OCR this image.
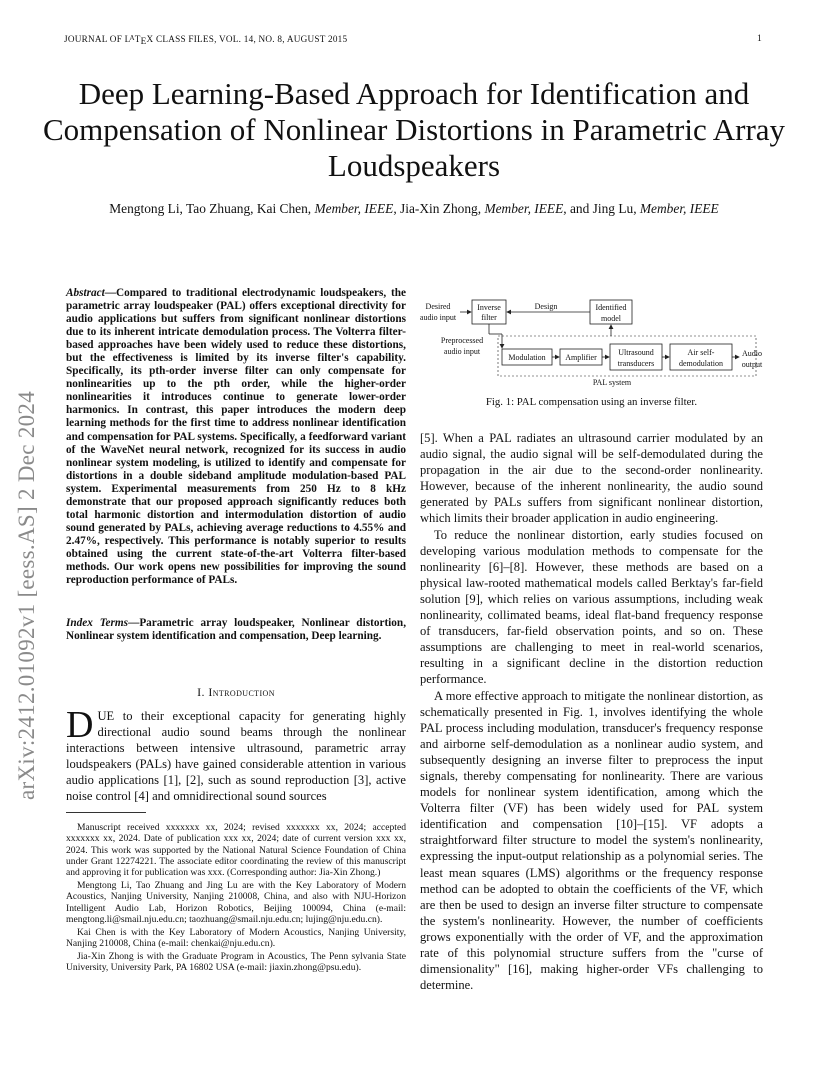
JOURNAL OF $L^ATEX$ CLASS FILES, VOL. 14, NO. 8, AUGUST 2015	1
Deep Learning-Based Approach for Identification and Compensation of Nonlinear Distortions in Parametric Array Loudspeakers
Mengtong Li, Tao Zhuang, Kai Chen, Member, IEEE, Jia-Xin Zhong, Member, IEEE, and Jing Lu, Member, IEEE
arXiv:2412.01092v1 [eess.AS] 2 Dec 2024
Abstract—Compared to traditional electrodynamic loudspeakers, the parametric array loudspeaker (PAL) offers exceptional directivity for audio applications but suffers from significant nonlinear distortions due to its inherent intricate demodulation process. The Volterra filter-based approaches have been widely used to reduce these distortions, but the effectiveness is limited by its inverse filter's capability. Specifically, its pth-order inverse filter can only compensate for nonlinearities up to the pth order, while the higher-order nonlinearities it introduces continue to generate lower-order harmonics. In contrast, this paper introduces the modern deep learning methods for the first time to address nonlinear identification and compensation for PAL systems. Specifically, a feedforward variant of the WaveNet neural network, recognized for its success in audio nonlinear system modeling, is utilized to identify and compensate for distortions in a double sideband amplitude modulation-based PAL system. Experimental measurements from 250 Hz to 8 kHz demonstrate that our proposed approach significantly reduces both total harmonic distortion and intermodulation distortion of audio sound generated by PALs, achieving average reductions to 4.55% and 2.47%, respectively. This performance is notably superior to results obtained using the current state-of-the-art Volterra filter-based methods. Our work opens new possibilities for improving the sound reproduction performance of PALs.
Index Terms—Parametric array loudspeaker, Nonlinear distortion, Nonlinear system identification and compensation, Deep learning.
I. Introduction
DUE to their exceptional capacity for generating highly directional audio sound beams through the nonlinear interactions between intensive ultrasound, parametric array loudspeakers (PALs) have gained considerable attention in various audio applications [1], [2], such as sound reproduction [3], active noise control [4] and omnidirectional sound sources

Manuscript received xxxxxxx xx, 2024; revised xxxxxxx xx, 2024; accepted xxxxxxx xx, 2024. Date of publication xxx xx, 2024; date of current version xxx xx, 2024. This work was supported by the National Natural Science Foundation of China under Grant 12274221. The associate editor coordinating the review of this manuscript and approving it for publication was xxx. (Corresponding author: Jia-Xin Zhong.)

Mengtong Li, Tao Zhuang and Jing Lu are with the Key Laboratory of Modern Acoustics, Nanjing University, Nanjing 210008, China, and also with NJU-Horizon Intelligent Audio Lab, Horizon Robotics, Beijing 100094, China (e-mail: mengtong.li@smail.nju.edu.cn; taozhuang@smail.nju.edu.cn; lujing@nju.edu.cn).

Kai Chen is with the Key Laboratory of Modern Acoustics, Nanjing University, Nanjing 210008, China (e-mail: chenkai@nju.edu.cn).

Jia-Xin Zhong is with the Graduate Program in Acoustics, The Penn sylvania State University, University Park, PA 16802 USA (e-mail: jiaxin.zhong@psu.edu).

Desired
audio input
Inverse
filter
Design	Identified
model
Preprocessed
audio input
Modulation Amplifier
Ultrasound
transducers
Air self-
demodulation
Audio
output
PAL system
Fig. 1: PAL compensation using an inverse filter.

[5]. When a PAL radiates an ultrasound carrier modulated by an audio signal, the audio signal will be self-demodulated during the propagation in the air due to the second-order nonlinearity. However, because of the inherent nonlinearity, the audio sound generated by PALs suffers from significant nonlinear distortion, which limits their broader application in audio engineering.

To reduce the nonlinear distortion, early studies focused on developing various modulation methods to compensate for the nonlinearity [6]–[8]. However, these methods are based on a physical law-rooted mathematical models called Berktay's far-field solution [9], which relies on various assumptions, including weak nonlinearity, collimated beams, ideal flat-band frequency response of transducers, far-field observation points, and so on. These assumptions are challenging to meet in real-world scenarios, resulting in a significant decline in the distortion reduction performance.

A more effective approach to mitigate the nonlinear distortion, as schematically presented in Fig. 1, involves identifying the whole PAL process including modulation, transducer's frequency response and airborne self-demodulation as a nonlinear audio system, and subsequently designing an inverse filter to preprocess the input signals, thereby compensating for nonlinearity. There are various models for nonlinear system identification, among which the Volterra filter (VF) has been widely used for PAL system identification and compensation [10]–[15]. VF adopts a straightforward filter structure to model the system's nonlinearity, expressing the input-output relationship as a polynomial series. The least mean squares (LMS) algorithms or the frequency response method can be adopted to obtain the coefficients of the VF, which are then be used to design an inverse filter structure to compensate the system's nonlinearity. However, the number of coefficients grows exponentially with the order of VF, and the approximation rate of this polynomial structure suffers from the "curse of dimensionality" [16], making higher-order VFs challenging to determine.
